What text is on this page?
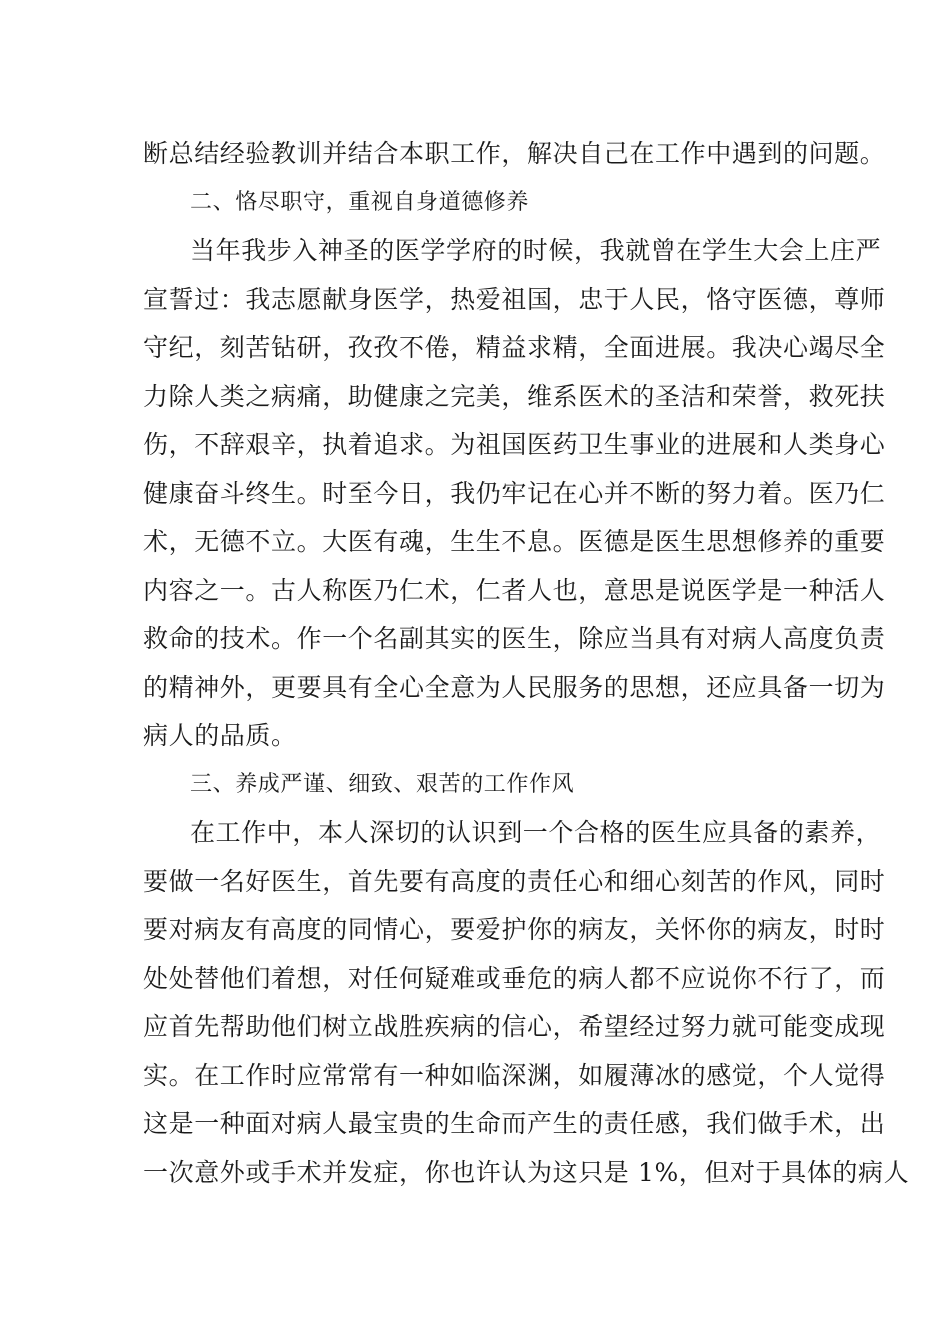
断总结经验教训并结合本职工作，解决自己在工作中遇到的问题。
二、恪尽职守，重视自身道德修养
当年我步入神圣的医学学府的时候，我就曾在学生大会上庄严
宣誓过：我志愿献身医学，热爱祖国，忠于人民，恪守医德，尊师
守纪，刻苦钻研，孜孜不倦，精益求精，全面进展。我决心竭尽全
力除人类之病痛，助健康之完美，维系医术的圣洁和荣誉，救死扶
伤，不辞艰辛，执着追求。为祖国医药卫生事业的进展和人类身心
健康奋斗终生。时至今日，我仍牢记在心并不断的努力着。医乃仁
术，无德不立。大医有魂，生生不息。医德是医生思想修养的重要
内容之一。古人称医乃仁术，仁者人也，意思是说医学是一种活人
救命的技术。作一个名副其实的医生，除应当具有对病人高度负责
的精神外，更要具有全心全意为人民服务的思想，还应具备一切为
病人的品质。
三、养成严谨、细致、艰苦的工作作风
在工作中，本人深切的认识到一个合格的医生应具备的素养，
要做一名好医生，首先要有高度的责任心和细心刻苦的作风，同时
要对病友有高度的同情心，要爱护你的病友，关怀你的病友，时时
处处替他们着想，对任何疑难或垂危的病人都不应说你不行了，而
应首先帮助他们树立战胜疾病的信心，希望经过努力就可能变成现
实。在工作时应常常有一种如临深渊，如履薄冰的感觉，个人觉得
这是一种面对病人最宝贵的生命而产生的责任感，我们做手术，出
一次意外或手术并发症，你也许认为这只是 1%，但对于具体的病人
